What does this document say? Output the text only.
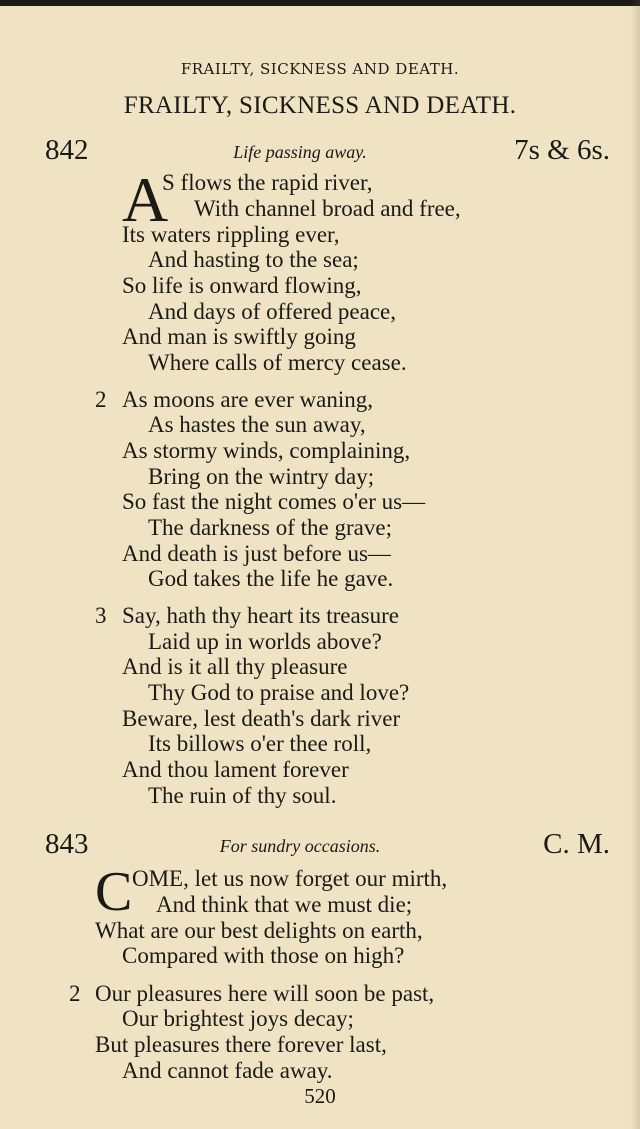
FRAILTY, SICKNESS AND DEATH.
FRAILTY, SICKNESS AND DEATH.
842	Life passing away.	7s & 6s.
A
S flows the rapid river,
With channel broad and free,
Its waters rippling ever,
And hasting to the sea;
So life is onward flowing,
And days of offered peace,
And man is swiftly going
Where calls of mercy cease.
2 As moons are ever waning,
As hastes the sun away,
As stormy winds, complaining,
Bring on the wintry day;
So fast the night comes o'er us—
The darkness of the grave;
And death is just before us—
God takes the life he gave.
3 Say, hath thy heart its treasure
Laid up in worlds above?
And is it all thy pleasure
Thy God to praise and love?
Beware, lest death's dark river
Its billows o'er thee roll,
And thou lament forever
The ruin of thy soul.
843	For sundry occasions.	C. M.
C OME, let us now forget our mirth,
And think that we must die;
What are our best delights on earth,
Compared with those on high?
2 Our pleasures here will soon be past,
Our brightest joys decay;
But pleasures there forever last,
And cannot fade away.
520
